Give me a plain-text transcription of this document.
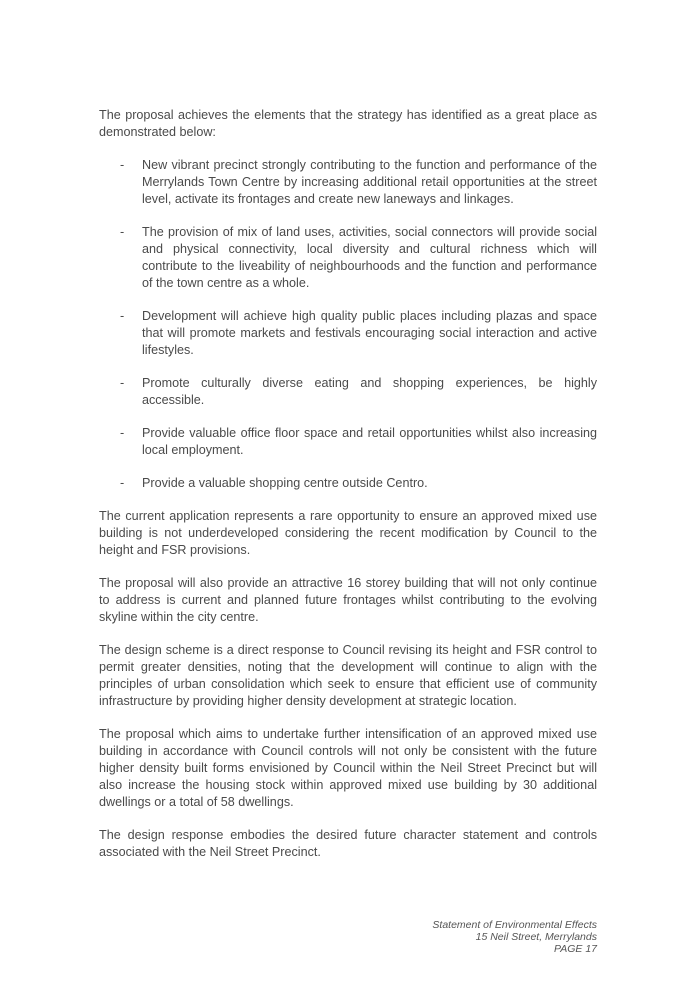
The proposal achieves the elements that the strategy has identified as a great place as demonstrated below:

- New vibrant precinct strongly contributing to the function and performance of the Merrylands Town Centre by increasing additional retail opportunities at the street level, activate its frontages and create new laneways and linkages.
- The provision of mix of land uses, activities, social connectors will provide social and physical connectivity, local diversity and cultural richness which will contribute to the liveability of neighbourhoods and the function and performance of the town centre as a whole.
- Development will achieve high quality public places including plazas and space that will promote markets and festivals encouraging social interaction and active lifestyles.
- Promote culturally diverse eating and shopping experiences, be highly accessible.
- Provide valuable office floor space and retail opportunities whilst also increasing local employment.
- Provide a valuable shopping centre outside Centro.

The current application represents a rare opportunity to ensure an approved mixed use building is not underdeveloped considering the recent modification by Council to the height and FSR provisions.

The proposal will also provide an attractive 16 storey building that will not only continue to address is current and planned future frontages whilst contributing to the evolving skyline within the city centre.

The design scheme is a direct response to Council revising its height and FSR control to permit greater densities, noting that the development will continue to align with the principles of urban consolidation which seek to ensure that efficient use of community infrastructure by providing higher density development at strategic location.

The proposal which aims to undertake further intensification of an approved mixed use building in accordance with Council controls will not only be consistent with the future higher density built forms envisioned by Council within the Neil Street Precinct but will also increase the housing stock within approved mixed use building by 30 additional dwellings or a total of 58 dwellings.

The design response embodies the desired future character statement and controls associated with the Neil Street Precinct.

Statement of Environmental Effects
15 Neil Street, Merrylands
PAGE 17
